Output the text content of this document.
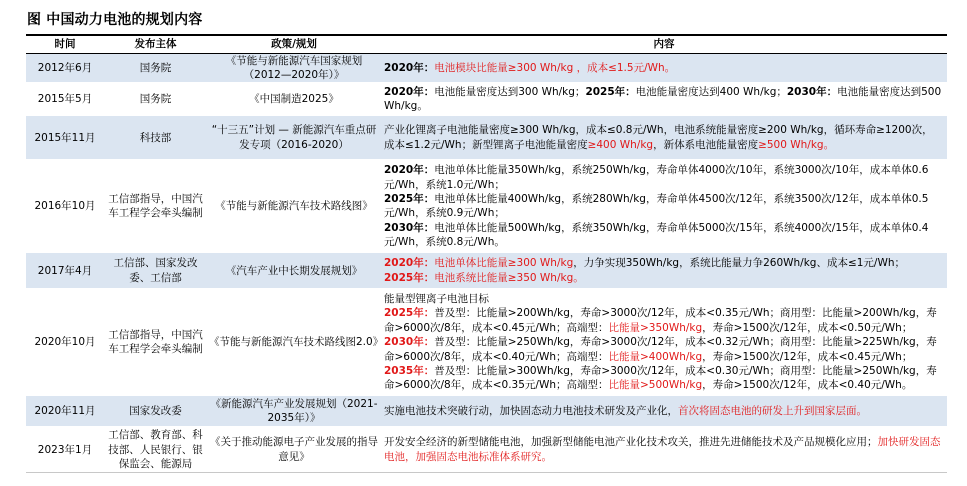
图 中国动力电池的规划内容
时间	发布主体	政策/规划	内容
2012年6月	国务院	《节能与新能源汽车国家规划（2012—2020年）》	2020年：电池模块比能量≥300 Wh/kg ，成本≤1.5元/Wh。

2015年5月	国务院	《中国制造2025》	2020年：电池能量密度达到300 Wh/kg；2025年：电池能量密度达到400 Wh/kg；2030年：电池能量密度达到500 Wh/kg。

2015年11月	科技部	“十三五”计划 — 新能源汽车重点研发专项（2016-2020）	产业化锂离子电池能量密度≥300 Wh/kg，成本≤0.8元/Wh，电池系统能量密度≥200 Wh/kg，循环寿命≥1200次，成本≤1.2元/Wh；新型锂离子电池能量密度≥400 Wh/kg，新体系电池能量密度≥500 Wh/kg。

2016年10月	工信部指导，中国汽车工程学会牵头编制	《节能与新能源汽车技术路线图》	2020年：电池单体比能量350Wh/kg，系统250Wh/kg，寿命单体4000次/10年，系统3000次/10年，成本单体0.6元/Wh，系统1.0元/Wh；
2025年：电池单体比能量400Wh/kg，系统280Wh/kg，寿命单体4500次/12年，系统3500次/12年，成本单体0.5元/Wh，系统0.9元/Wh；
2030年：电池单体比能量500Wh/kg，系统350Wh/kg，寿命单体5000次/15年，系统4000次/15年，成本单体0.4元/Wh，系统0.8元/Wh。

2017年4月	工信部、国家发改委、工信部	《汽车产业中长期发展规划》	2020年：电池单体比能量≥300 Wh/kg，力争实现350Wh/kg，系统比能量力争260Wh/kg、成本≤1元/Wh；
2025年：电池系统比能量≥350 Wh/kg。

2020年10月	工信部指导，中国汽车工程学会牵头编制	《节能与新能源汽车技术路线图2.0》	能量型锂离子电池目标
2025年：普及型：比能量>200Wh/kg，寿命>3000次/12年，成本<0.35元/Wh；商用型：比能量>200Wh/kg，寿命>6000次/8年，成本<0.45元/Wh；高端型：比能量>350Wh/kg，寿命>1500次/12年，成本<0.50元/Wh；
2030年：普及型：比能量>250Wh/kg，寿命>3000次/12年，成本<0.32元/Wh；商用型：比能量>225Wh/kg，寿命>6000次/8年，成本<0.40元/Wh；高端型：比能量>400Wh/kg，寿命>1500次/12年，成本<0.45元/Wh；
2035年：普及型：比能量>300Wh/kg，寿命>3000次/12年，成本<0.30元/Wh；商用型：比能量>250Wh/kg，寿命>6000次/8年，成本<0.35元/Wh；高端型：比能量>500Wh/kg，寿命>1500次/12年，成本<0.40元/Wh。

2020年11月	国家发改委	《新能源汽车产业发展规划（2021-2035年）》	实施电池技术突破行动，加快固态动力电池技术研发及产业化，首次将固态电池的研发上升到国家层面。

2023年1月	工信部、教育部、科技部、人民银行、银保监会、能源局	《关于推动能源电子产业发展的指导意见》	开发安全经济的新型储能电池，加强新型储能电池产业化技术攻关，推进先进储能技术及产品规模化应用；加快研发固态电池，加强固态电池标准体系研究。
